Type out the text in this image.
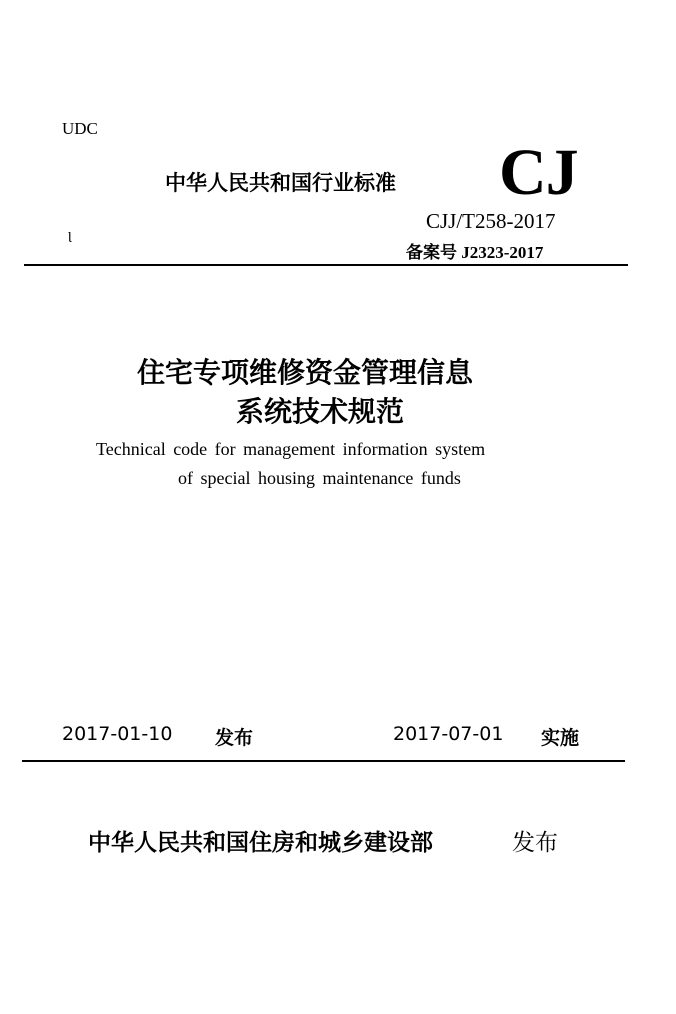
UDC
中华人民共和国行业标准 CJ
CJJ/T258-2017
Ɩ
备案号 J2323-2017
住宅专项维修资金管理信息
系统技术规范
Technical code for management information system
of special housing maintenance funds
2017-01-10 发布	2017-07-01 实施
中华人民共和国住房和城乡建设部	发布
